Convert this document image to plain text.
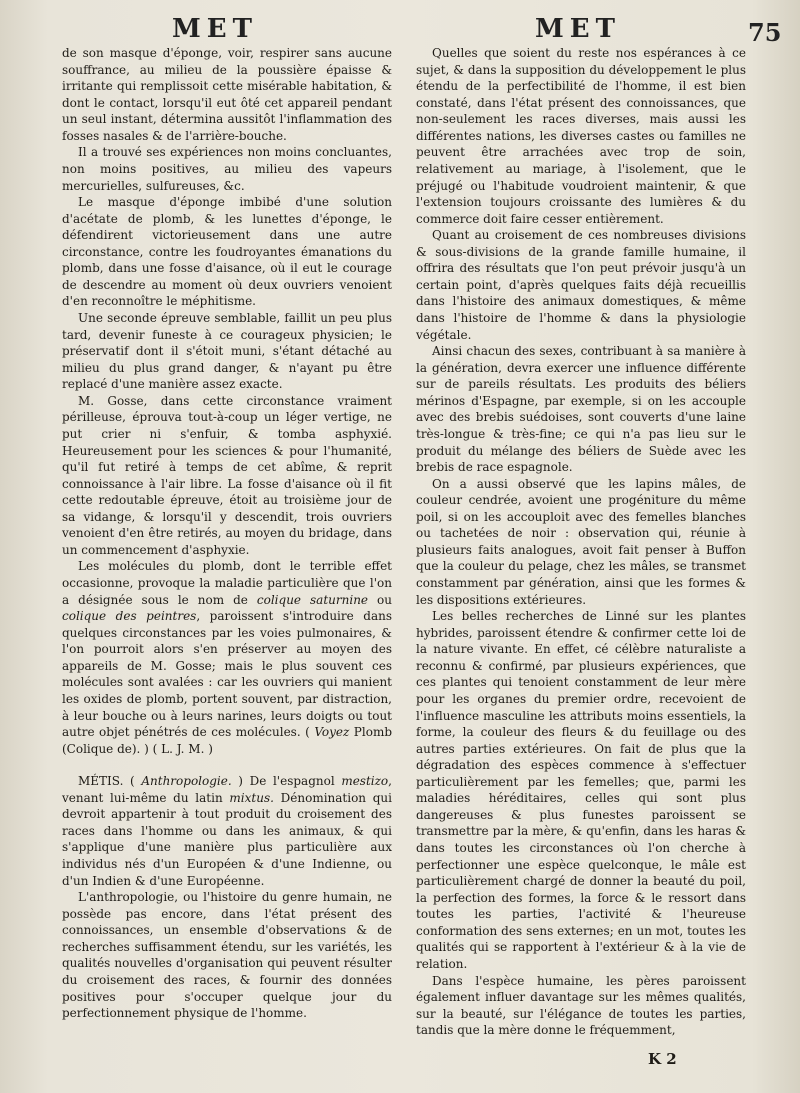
MET	MET	75

de son masque d'éponge, voir, respirer sans aucune souffrance, au milieu de la poussière épaisse & irritante qui remplissoit cette misérable habitation, & dont le contact, lorsqu'il eut ôté cet appareil pendant un seul instant, détermina aussitôt l'inflammation des fosses nasales & de l'arrière-bouche.

Il a trouvé ses expériences non moins concluantes, non moins positives, au milieu des vapeurs mercurielles, sulfureuses, &c.

Le masque d'éponge imbibé d'une solution d'acétate de plomb, & les lunettes d'éponge, le défendirent victorieusement dans une autre circonstance, contre les foudroyantes émanations du plomb, dans une fosse d'aisance, où il eut le courage de descendre au moment où deux ouvriers venoient d'en reconnoître le méphitisme.

Une seconde épreuve semblable, faillit un peu plus tard, devenir funeste à ce courageux physicien; le préservatif dont il s'étoit muni, s'étant détaché au milieu du plus grand danger, & n'ayant pu être replacé d'une manière assez exacte.

M. Gosse, dans cette circonstance vraiment périlleuse, éprouva tout-à-coup un léger vertige, ne put crier ni s'enfuir, & tomba asphyxié. Heureusement pour les sciences & pour l'humanité, qu'il fut retiré à temps de cet abîme, & reprit connoissance à l'air libre. La fosse d'aisance où il fit cette redoutable épreuve, étoit au troisième jour de sa vidange, & lorsqu'il y descendit, trois ouvriers venoient d'en être retirés, au moyen du bridage, dans un commencement d'asphyxie.

Les molécules du plomb, dont le terrible effet occasionne, provoque la maladie particulière que l'on a désignée sous le nom de colique saturnine ou colique des peintres, paroissent s'introduire dans quelques circonstances par les voies pulmonaires, & l'on pourroit alors s'en préserver au moyen des appareils de M. Gosse; mais le plus souvent ces molécules sont avalées : car les ouvriers qui manient les oxides de plomb, portent souvent, par distraction, à leur bouche ou à leurs narines, leurs doigts ou tout autre objet pénétrés de ces molécules. ( Voyez Plomb (Colique de). ) ( L. J. M. )

MÉTIS. ( Anthropologie. ) De l'espagnol mestizo, venant lui-même du latin mixtus. Dénomination qui devroit appartenir à tout produit du croisement des races dans l'homme ou dans les animaux, & qui s'applique d'une manière plus particulière aux individus nés d'un Européen & d'une Indienne, ou d'un Indien & d'une Européenne.

L'anthropologie, ou l'histoire du genre humain, ne possède pas encore, dans l'état présent des connoissances, un ensemble d'observations & de recherches suffisamment étendu, sur les variétés, les qualités nouvelles d'organisation qui peuvent résulter du croisement des races, & fournir des données positives pour s'occuper quelque jour du perfectionnement physique de l'homme.

Quelles que soient du reste nos espérances à ce sujet, & dans la supposition du développement le plus étendu de la perfectibilité de l'homme, il est bien constaté, dans l'état présent des connoissances, que non-seulement les races diverses, mais aussi les différentes nations, les diverses castes ou familles ne peuvent être arrachées avec trop de soin, relativement au mariage, à l'isolement, que le préjugé ou l'habitude voudroient maintenir, & que l'extension toujours croissante des lumières & du commerce doit faire cesser entièrement.

Quant au croisement de ces nombreuses divisions & sous-divisions de la grande famille humaine, il offrira des résultats que l'on peut prévoir jusqu'à un certain point, d'après quelques faits déjà recueillis dans l'histoire des animaux domestiques, & même dans l'histoire de l'homme & dans la physiologie végétale.

Ainsi chacun des sexes, contribuant à sa manière à la génération, devra exercer une influence différente sur de pareils résultats. Les produits des béliers mérinos d'Espagne, par exemple, si on les accouple avec des brebis suédoises, sont couverts d'une laine très-longue & très-fine; ce qui n'a pas lieu sur le produit du mélange des béliers de Suède avec les brebis de race espagnole.

On a aussi observé que les lapins mâles, de couleur cendrée, avoient une progéniture du même poil, si on les accouploit avec des femelles blanches ou tachetées de noir : observation qui, réunie à plusieurs faits analogues, avoit fait penser à Buffon que la couleur du pelage, chez les mâles, se transmet constamment par génération, ainsi que les formes & les dispositions extérieures.

Les belles recherches de Linné sur les plantes hybrides, paroissent étendre & confirmer cette loi de la nature vivante. En effet, cé célèbre naturaliste a reconnu & confirmé, par plusieurs expériences, que ces plantes qui tenoient constamment de leur mère pour les organes du premier ordre, recevoient de l'influence masculine les attributs moins essentiels, la forme, la couleur des fleurs & du feuillage ou des autres parties extérieures. On fait de plus que la dégradation des espèces commence à s'effectuer particulièrement par les femelles; que, parmi les maladies héréditaires, celles qui sont plus dangereuses & plus funestes paroissent se transmettre par la mère, & qu'enfin, dans les haras & dans toutes les circonstances où l'on cherche à perfectionner une espèce quelconque, le mâle est particulièrement chargé de donner la beauté du poil, la perfection des formes, la force & le ressort dans toutes les parties, l'activité & l'heureuse conformation des sens externes; en un mot, toutes les qualités qui se rapportent à l'extérieur & à la vie de relation.

Dans l'espèce humaine, les pères paroissent également influer davantage sur les mêmes qualités, sur la beauté, sur l'élégance de toutes les parties, tandis que la mère donne le fréquemment,

K 2
